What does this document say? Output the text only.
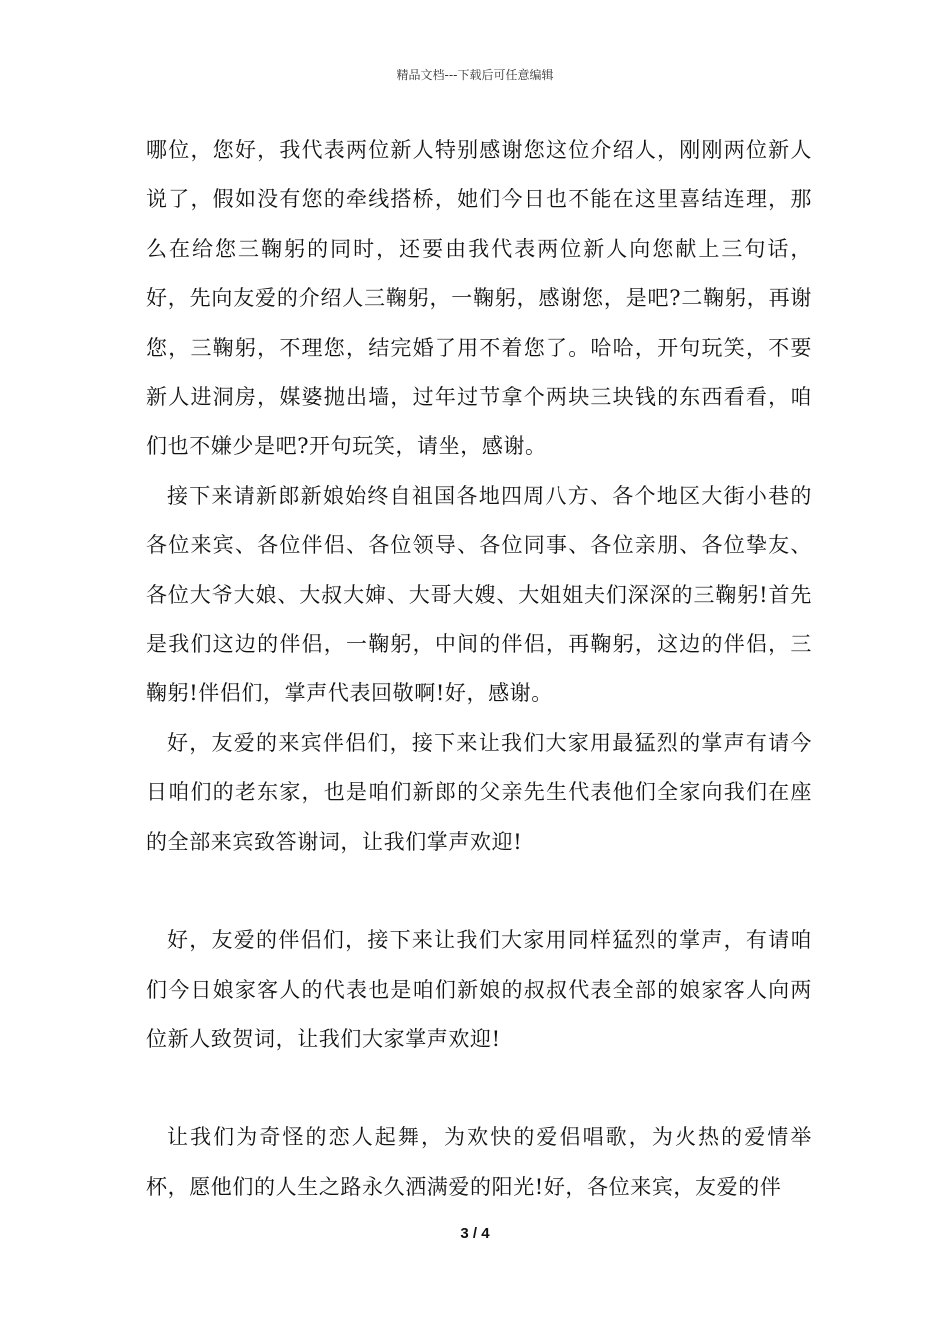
精品文档---下载后可任意编辑

哪位，您好，我代表两位新人特别感谢您这位介绍人，刚刚两位新人说了，假如没有您的牵线搭桥，她们今日也不能在这里喜结连理，那么在给您三鞠躬的同时，还要由我代表两位新人向您献上三句话，好，先向友爱的介绍人三鞠躬，一鞠躬，感谢您，是吧?二鞠躬，再谢您，三鞠躬，不理您，结完婚了用不着您了。哈哈，开句玩笑，不要新人进洞房，媒婆抛出墙，过年过节拿个两块三块钱的东西看看，咱们也不嫌少是吧?开句玩笑，请坐，感谢。

接下来请新郎新娘始终自祖国各地四周八方、各个地区大街小巷的各位来宾、各位伴侣、各位领导、各位同事、各位亲朋、各位挚友、各位大爷大娘、大叔大婶、大哥大嫂、大姐姐夫们深深的三鞠躬!首先是我们这边的伴侣，一鞠躬，中间的伴侣，再鞠躬，这边的伴侣，三鞠躬!伴侣们，掌声代表回敬啊!好，感谢。

好，友爱的来宾伴侣们，接下来让我们大家用最猛烈的掌声有请今日咱们的老东家，也是咱们新郎的父亲先生代表他们全家向我们在座的全部来宾致答谢词，让我们掌声欢迎!

好，友爱的伴侣们，接下来让我们大家用同样猛烈的掌声，有请咱们今日娘家客人的代表也是咱们新娘的叔叔代表全部的娘家客人向两位新人致贺词，让我们大家掌声欢迎!

让我们为奇怪的恋人起舞，为欢快的爱侣唱歌，为火热的爱情举杯，愿他们的人生之路永久洒满爱的阳光!好，各位来宾，友爱的伴

3 / 4
